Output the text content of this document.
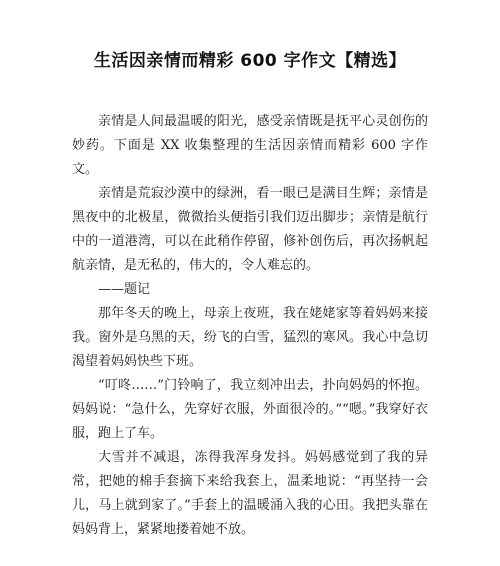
生活因亲情而精彩 600 字作文【精选】

亲情是人间最温暖的阳光，感受亲情既是抚平心灵创伤的妙药。下面是 XX 收集整理的生活因亲情而精彩 600 字作文。

亲情是荒寂沙漠中的绿洲，看一眼已是满目生辉；亲情是黑夜中的北极星，微微抬头便指引我们迈出脚步；亲情是航行中的一道港湾，可以在此稍作停留，修补创伤后，再次扬帆起航亲情，是无私的，伟大的，令人难忘的。

——题记

那年冬天的晚上，母亲上夜班，我在姥姥家等着妈妈来接我。窗外是乌黑的天，纷飞的白雪，猛烈的寒风。我心中急切渴望着妈妈快些下班。

“叮咚……”门铃响了，我立刻冲出去，扑向妈妈的怀抱。妈妈说：“急什么，先穿好衣服，外面很冷的。”“嗯。”我穿好衣服，跑上了车。

大雪并不减退，冻得我浑身发抖。妈妈感觉到了我的异常，把她的棉手套摘下来给我套上，温柔地说：“再坚持一会儿，马上就到家了。”手套上的温暖涌入我的心田。我把头靠在妈妈背上，紧紧地搂着她不放。
